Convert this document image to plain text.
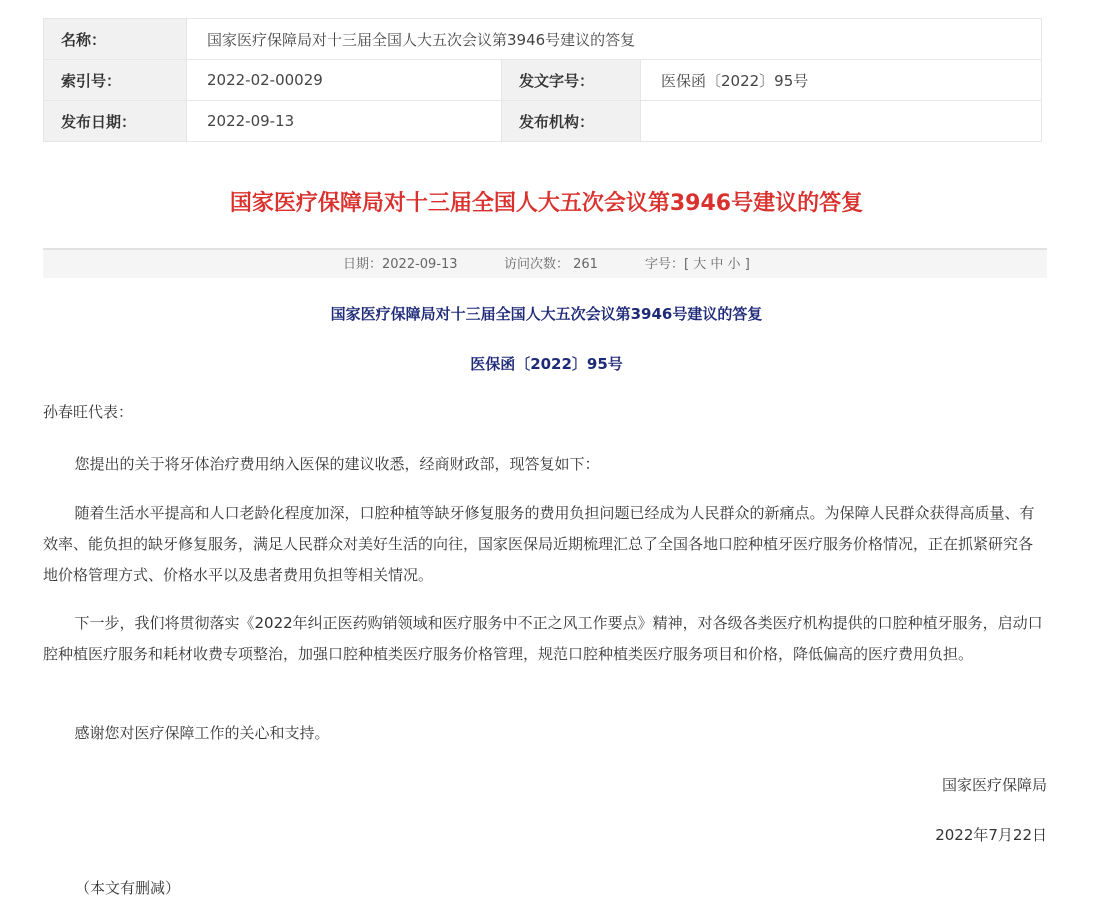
名称：	国家医疗保障局对十三届全国人大五次会议第3946号建议的答复		
索引号：	2022-02-00029	发文字号：	医保函〔2022〕95号
发布日期：	2022-09-13	发布机构：	
国家医疗保障局对十三届全国人大五次会议第3946号建议的答复
日期：2022-09-13	访问次数： 261	字号：[ 大 中 小 ]
国家医疗保障局对十三届全国人大五次会议第3946号建议的答复
医保函〔2022〕95号
孙春旺代表：

您提出的关于将牙体治疗费用纳入医保的建议收悉，经商财政部，现答复如下：

随着生活水平提高和人口老龄化程度加深，口腔种植等缺牙修复服务的费用负担问题已经成为人民群众的新痛点。为保障人民群众获得高质量、有效率、能负担的缺牙修复服务，满足人民群众对美好生活的向往，国家医保局近期梳理汇总了全国各地口腔种植牙医疗服务价格情况，正在抓紧研究各地价格管理方式、价格水平以及患者费用负担等相关情况。

下一步，我们将贯彻落实《2022年纠正医药购销领域和医疗服务中不正之风工作要点》精神，对各级各类医疗机构提供的口腔种植牙服务，启动口腔种植医疗服务和耗材收费专项整治，加强口腔种植类医疗服务价格管理，规范口腔种植类医疗服务项目和价格，降低偏高的医疗费用负担。

感谢您对医疗保障工作的关心和支持。

国家医疗保障局
2022年7月22日
（本文有删减）
